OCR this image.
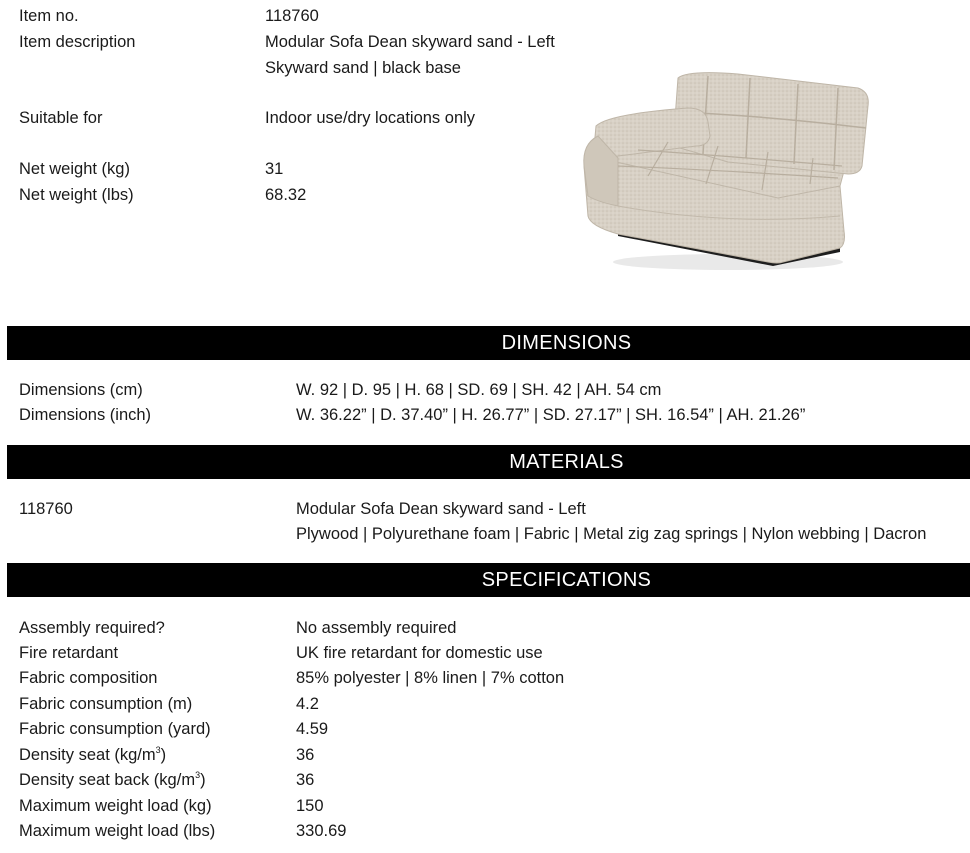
Item no.	118760
Item description	Modular Sofa Dean skyward sand - Left
Skyward sand | black base
Suitable for	Indoor use/dry locations only
Net weight (kg)	31
Net weight (lbs)	68.32
DIMENSIONS
Dimensions (cm)	W. 92 | D. 95 | H. 68 | SD. 69 | SH. 42 | AH. 54 cm
Dimensions (inch)	W. 36.22” | D. 37.40” | H. 26.77” | SD. 27.17” | SH. 16.54” | AH. 21.26”
MATERIALS
118760	Modular Sofa Dean skyward sand - Left
Plywood | Polyurethane foam | Fabric | Metal zig zag springs | Nylon webbing | Dacron
SPECIFICATIONS
Assembly required?	No assembly required
Fire retardant	UK fire retardant for domestic use
Fabric composition	85% polyester | 8% linen | 7% cotton
Fabric consumption (m)	4.2
Fabric consumption (yard)	4.59
Density seat $(kg/m^3)$	36
Density seat back $(kg/m^3)$	36
Maximum weight load (kg)	150
Maximum weight load (lbs)	330.69
